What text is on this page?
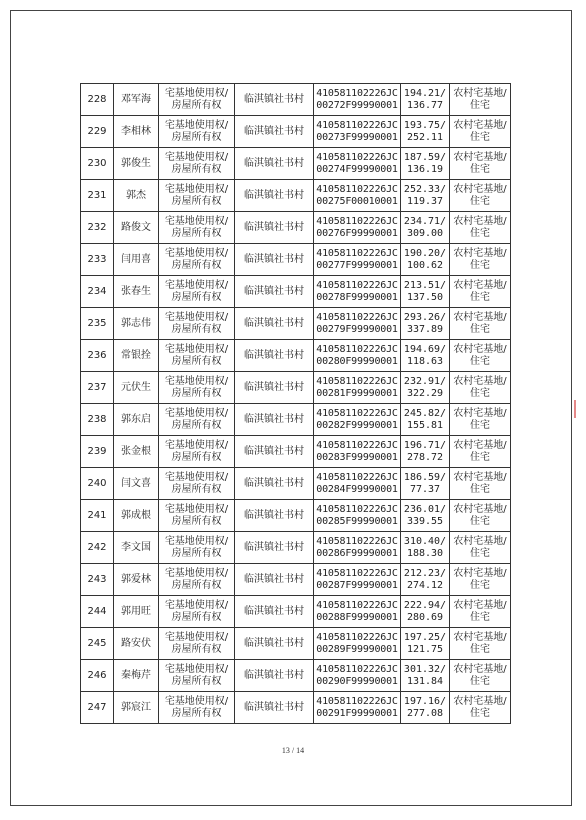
228	邓军海	宅基地使用权/
房屋所有权	临淇镇社书村	410581102226JC
00272F99990001	194.21/
136.77	农村宅基地/
住宅

229	李相林	宅基地使用权/
房屋所有权	临淇镇社书村	410581102226JC
00273F99990001	193.75/
252.11	农村宅基地/
住宅

230	郭俊生	宅基地使用权/
房屋所有权	临淇镇社书村	410581102226JC
00274F99990001	187.59/
136.19	农村宅基地/
住宅

231	郭杰	宅基地使用权/
房屋所有权	临淇镇社书村	410581102226JC
00275F00010001	252.33/
119.37	农村宅基地/
住宅

232	路俊文	宅基地使用权/
房屋所有权	临淇镇社书村	410581102226JC
00276F99990001	234.71/
309.00	农村宅基地/
住宅

233	闫用喜	宅基地使用权/
房屋所有权	临淇镇社书村	410581102226JC
00277F99990001	190.20/
100.62	农村宅基地/
住宅

234	张春生	宅基地使用权/
房屋所有权	临淇镇社书村	410581102226JC
00278F99990001	213.51/
137.50	农村宅基地/
住宅

235	郭志伟	宅基地使用权/
房屋所有权	临淇镇社书村	410581102226JC
00279F99990001	293.26/
337.89	农村宅基地/
住宅

236	常银拴	宅基地使用权/
房屋所有权	临淇镇社书村	410581102226JC
00280F99990001	194.69/
118.63	农村宅基地/
住宅

237	元伏生	宅基地使用权/
房屋所有权	临淇镇社书村	410581102226JC
00281F99990001	232.91/
322.29	农村宅基地/
住宅

238	郭东启	宅基地使用权/
房屋所有权	临淇镇社书村	410581102226JC
00282F99990001	245.82/
155.81	农村宅基地/
住宅

239	张金根	宅基地使用权/
房屋所有权	临淇镇社书村	410581102226JC
00283F99990001	196.71/
278.72	农村宅基地/
住宅

240	闫文喜	宅基地使用权/
房屋所有权	临淇镇社书村	410581102226JC
00284F99990001	186.59/
77.37	农村宅基地/
住宅

241	郭成根	宅基地使用权/
房屋所有权	临淇镇社书村	410581102226JC
00285F99990001	236.01/
339.55	农村宅基地/
住宅

242	李文国	宅基地使用权/
房屋所有权	临淇镇社书村	410581102226JC
00286F99990001	310.40/
188.30	农村宅基地/
住宅

243	郭爱林	宅基地使用权/
房屋所有权	临淇镇社书村	410581102226JC
00287F99990001	212.23/
274.12	农村宅基地/
住宅

244	郭用旺	宅基地使用权/
房屋所有权	临淇镇社书村	410581102226JC
00288F99990001	222.94/
280.69	农村宅基地/
住宅

245	路安伏	宅基地使用权/
房屋所有权	临淇镇社书村	410581102226JC
00289F99990001	197.25/
121.75	农村宅基地/
住宅

246	秦梅芹	宅基地使用权/
房屋所有权	临淇镇社书村	410581102226JC
00290F99990001	301.32/
131.84	农村宅基地/
住宅

247	郭宸江	宅基地使用权/
房屋所有权	临淇镇社书村	410581102226JC
00291F99990001	197.16/
277.08	农村宅基地/
住宅
13 / 14
